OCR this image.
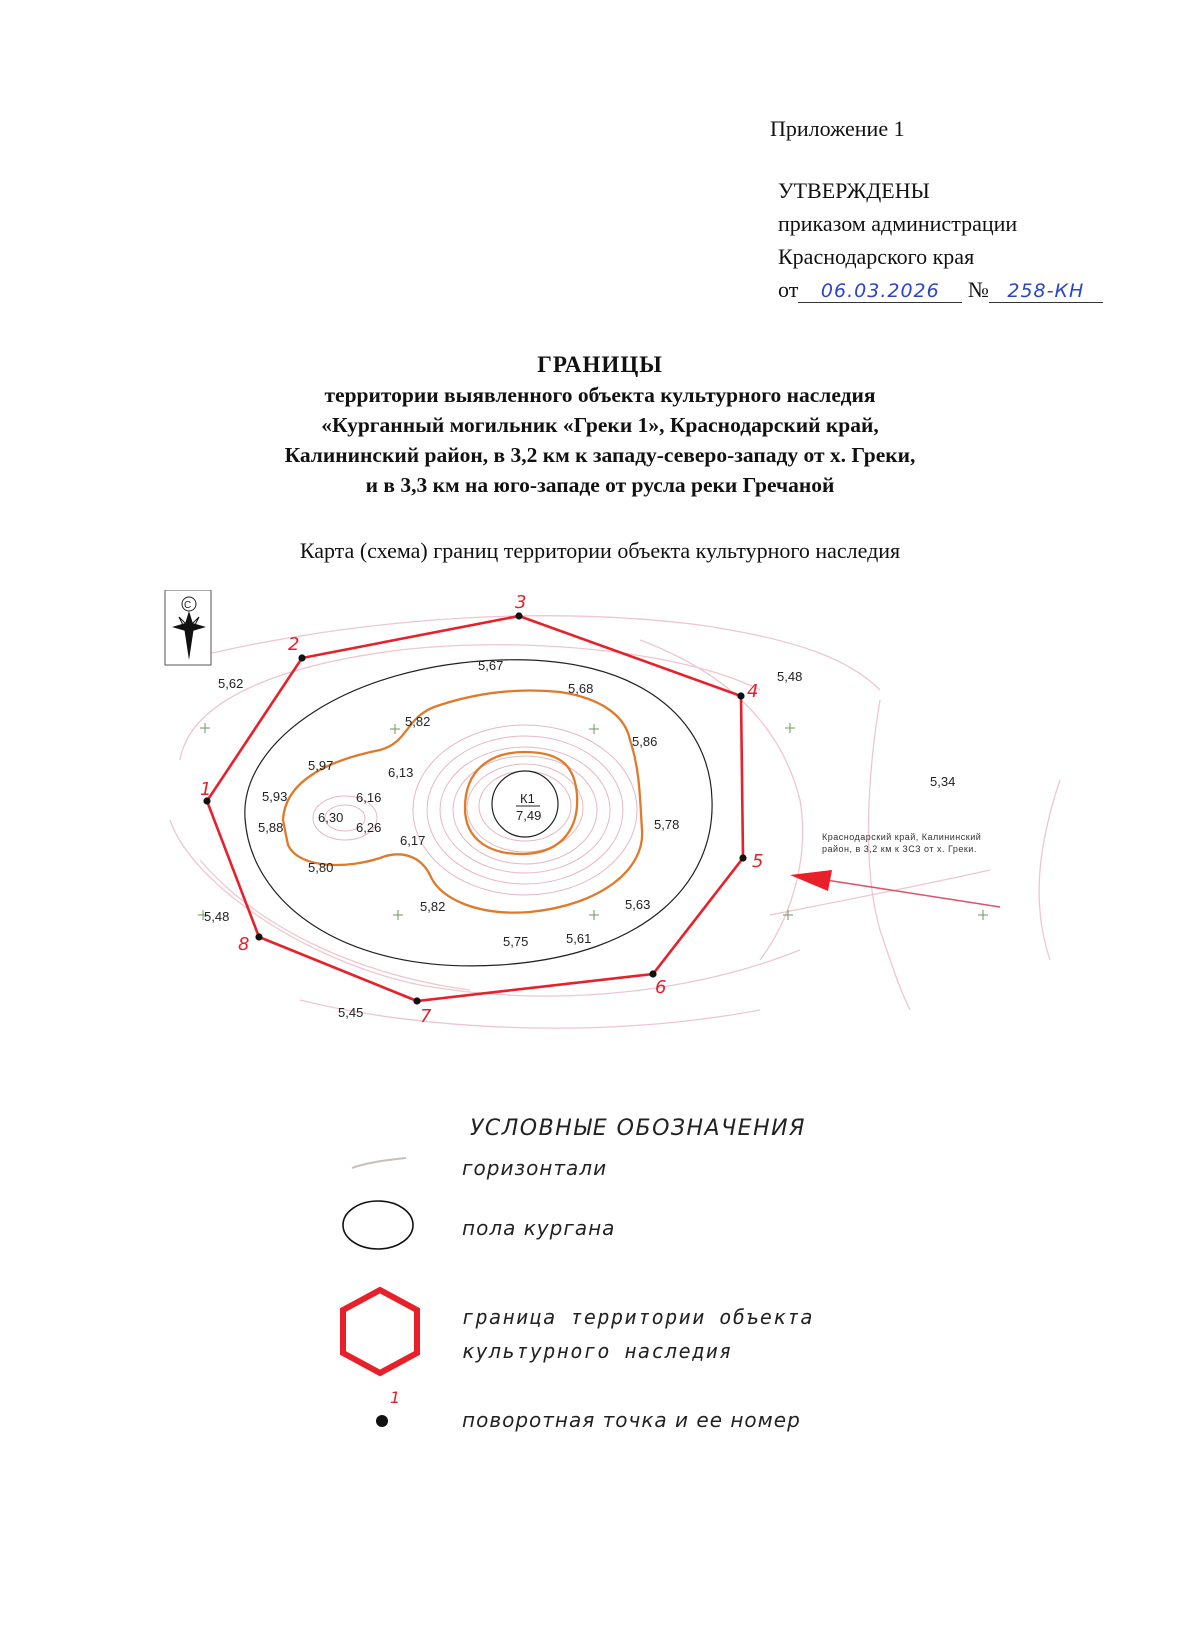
Приложение 1
УТВЕРЖДЕНЫ
приказом администрации
Краснодарского края
от 06.03.2026 № 258-КН
ГРАНИЦЫ
территории выявленного объекта культурного наследия
«Курганный могильник «Греки 1», Краснодарский край,
Калининский район, в 3,2 км к западу-северо-западу от х. Греки,
и в 3,3 км на юго-западе от русла реки Гречаной
Карта (схема) границ территории объекта культурного наследия
К1
7,49
1
2
3
4
5
6
7
8
5,62
5,67
5,68
5,48
5,82
5,86
5,97	6,13
5,34
5,93	6,16
6,30
6,26	5,78
5,88
6,17
5,80
5,82	5,63
5,48
5,75	5,61
5,45
Краснодарский край, Калининский
район, в 3,2 км к ЗСЗ от х. Греки.
С
УСЛОВНЫЕ ОБОЗНАЧЕНИЯ
горизонтали
пола кургана
граница территории объекта
культурного наследия
1
поворотная точка и ее номер
